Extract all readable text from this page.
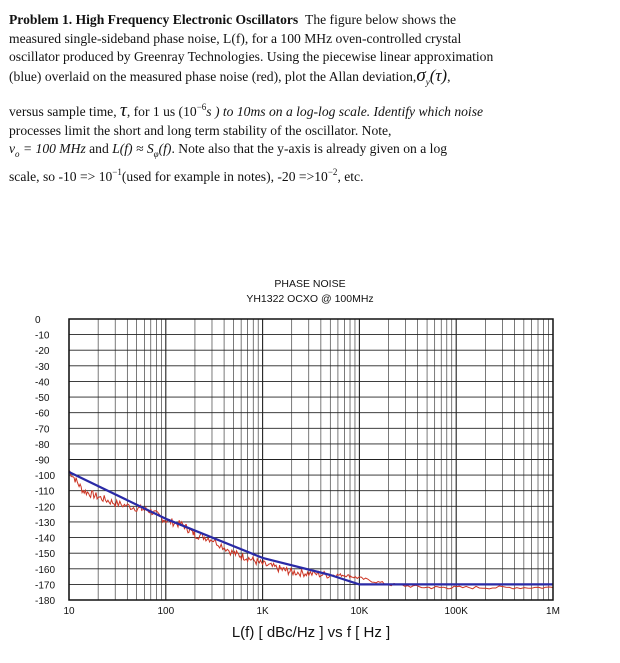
Problem 1. High Frequency Electronic Oscillators The figure below shows the
measured single-sideband phase noise, L(f), for a 100 MHz oven-controlled crystal
oscillator produced by Greenray Technologies. Using the piecewise linear approximation
(blue) overlaid on the measured phase noise (red), plot the Allan $deviation,\sigma_y(\tau)$,
versus sample time, τ, for 1 us ($10^{-6}s$ ) to 10ms on a log-log scale. Identify which noise
processes limit the short and long term stability of the oscillator. Note,
$\nu_o = 100$ MHz and $L(f) \approx S_\varphi(f)$. Note also that the y-axis is already given on a log
scale, so $-10 => 10^{-1}(used$ for example in notes), $-20 =>10^{-2}$, etc.
PHASE NOISE
YH1322 OCXO @ 100MHz
0
-10
-20
-30
-40
-50
-60
-70
-80
-90
-100
-110
-120
-130
-140
-150
-160
-170
-180
10	100	1K	10K	100K	1M
L(f) [ dBc/Hz ] vs f [ Hz ]
